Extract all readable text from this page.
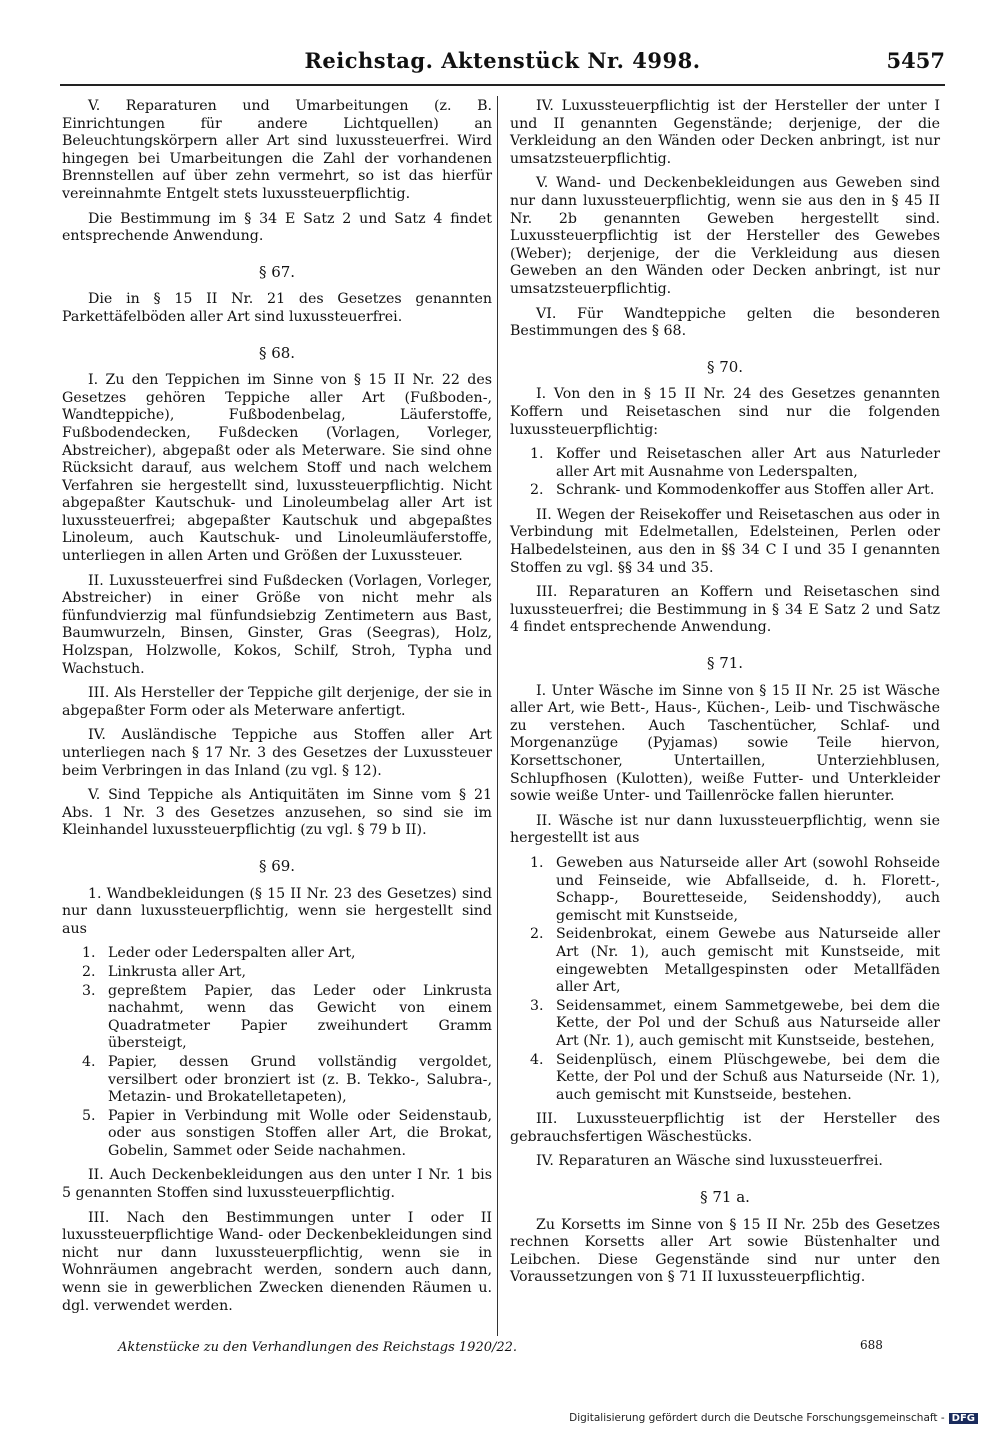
Reichstag. Aktenstück Nr. 4998.	5457

V. Reparaturen und Umarbeitungen (z. B. Einrichtungen für andere Lichtquellen) an Beleuchtungskörpern aller Art sind luxussteuerfrei. Wird hingegen bei Umarbeitungen die Zahl der vorhandenen Brennstellen auf über zehn vermehrt, so ist das hierfür vereinnahmte Entgelt stets luxussteuerpflichtig.

Die Bestimmung im § 34 E Satz 2 und Satz 4 findet entsprechende Anwendung.

§ 67.

Die in § 15 II Nr. 21 des Gesetzes genannten Parkettäfelböden aller Art sind luxussteuerfrei.

§ 68.

I. Zu den Teppichen im Sinne von § 15 II Nr. 22 des Gesetzes gehören Teppiche aller Art (Fußboden-, Wandteppiche), Fußbodenbelag, Läuferstoffe, Fußbodendecken, Fußdecken (Vorlagen, Vorleger, Abstreicher), abgepaßt oder als Meterware. Sie sind ohne Rücksicht darauf, aus welchem Stoff und nach welchem Verfahren sie hergestellt sind, luxussteuerpflichtig. Nicht abgepaßter Kautschuk- und Linoleumbelag aller Art ist luxussteuerfrei; abgepaßter Kautschuk und abgepaßtes Linoleum, auch Kautschuk- und Linoleumläuferstoffe, unterliegen in allen Arten und Größen der Luxussteuer.

II. Luxussteuerfrei sind Fußdecken (Vorlagen, Vorleger, Abstreicher) in einer Größe von nicht mehr als fünfundvierzig mal fünfundsiebzig Zentimetern aus Bast, Baumwurzeln, Binsen, Ginster, Gras (Seegras), Holz, Holzspan, Holzwolle, Kokos, Schilf, Stroh, Typha und Wachstuch.

III. Als Hersteller der Teppiche gilt derjenige, der sie in abgepaßter Form oder als Meterware anfertigt.

IV. Ausländische Teppiche aus Stoffen aller Art unterliegen nach § 17 Nr. 3 des Gesetzes der Luxussteuer beim Verbringen in das Inland (zu vgl. § 12).

V. Sind Teppiche als Antiquitäten im Sinne vom § 21 Abs. 1 Nr. 3 des Gesetzes anzusehen, so sind sie im Kleinhandel luxussteuerpflichtig (zu vgl. § 79 b II).

§ 69.

1. Wandbekleidungen (§ 15 II Nr. 23 des Gesetzes) sind nur dann luxussteuerpflichtig, wenn sie hergestellt sind aus

1. Leder oder Lederspalten aller Art,
2. Linkrusta aller Art,
3. gepreßtem Papier, das Leder oder Linkrusta nachahmt, wenn das Gewicht von einem Quadratmeter Papier zweihundert Gramm übersteigt,
4. Papier, dessen Grund vollständig vergoldet, versilbert oder bronziert ist (z. B. Tekko-, Salubra-, Metazin- und Brokatelletapeten),
5. Papier in Verbindung mit Wolle oder Seidenstaub, oder aus sonstigen Stoffen aller Art, die Brokat, Gobelin, Sammet oder Seide nachahmen.

II. Auch Deckenbekleidungen aus den unter I Nr. 1 bis 5 genannten Stoffen sind luxussteuerpflichtig.

III. Nach den Bestimmungen unter I oder II luxussteuerpflichtige Wand- oder Deckenbekleidungen sind nicht nur dann luxussteuerpflichtig, wenn sie in Wohnräumen angebracht werden, sondern auch dann, wenn sie in gewerblichen Zwecken dienenden Räumen u. dgl. verwendet werden.

IV. Luxussteuerpflichtig ist der Hersteller der unter I und II genannten Gegenstände; derjenige, der die Verkleidung an den Wänden oder Decken anbringt, ist nur umsatzsteuerpflichtig.

V. Wand- und Deckenbekleidungen aus Geweben sind nur dann luxussteuerpflichtig, wenn sie aus den in § 45 II Nr. 2b genannten Geweben hergestellt sind. Luxussteuerpflichtig ist der Hersteller des Gewebes (Weber); derjenige, der die Verkleidung aus diesen Geweben an den Wänden oder Decken anbringt, ist nur umsatzsteuerpflichtig.

VI. Für Wandteppiche gelten die besonderen Bestimmungen des § 68.

§ 70.

I. Von den in § 15 II Nr. 24 des Gesetzes genannten Koffern und Reisetaschen sind nur die folgenden luxussteuerpflichtig:

1. Koffer und Reisetaschen aller Art aus Naturleder aller Art mit Ausnahme von Lederspalten,
2. Schrank- und Kommodenkoffer aus Stoffen aller Art.

II. Wegen der Reisekoffer und Reisetaschen aus oder in Verbindung mit Edelmetallen, Edelsteinen, Perlen oder Halbedelsteinen, aus den in §§ 34 C I und 35 I genannten Stoffen zu vgl. §§ 34 und 35.

III. Reparaturen an Koffern und Reisetaschen sind luxussteuerfrei; die Bestimmung in § 34 E Satz 2 und Satz 4 findet entsprechende Anwendung.

§ 71.

I. Unter Wäsche im Sinne von § 15 II Nr. 25 ist Wäsche aller Art, wie Bett-, Haus-, Küchen-, Leib- und Tischwäsche zu verstehen. Auch Taschentücher, Schlaf- und Morgenanzüge (Pyjamas) sowie Teile hiervon, Korsettschoner, Untertaillen, Unterziehblusen, Schlupfhosen (Kulotten), weiße Futter- und Unterkleider sowie weiße Unter- und Taillenröcke fallen hierunter.

II. Wäsche ist nur dann luxussteuerpflichtig, wenn sie hergestellt ist aus

1. Geweben aus Naturseide aller Art (sowohl Rohseide und Feinseide, wie Abfallseide, d. h. Florett-, Schapp-, Bouretteseide, Seidenshoddy), auch gemischt mit Kunstseide,
2. Seidenbrokat, einem Gewebe aus Naturseide aller Art (Nr. 1), auch gemischt mit Kunstseide, mit eingewebten Metallgespinsten oder Metallfäden aller Art,
3. Seidensammet, einem Sammetgewebe, bei dem die Kette, der Pol und der Schuß aus Naturseide aller Art (Nr. 1), auch gemischt mit Kunstseide, bestehen,
4. Seidenplüsch, einem Plüschgewebe, bei dem die Kette, der Pol und der Schuß aus Naturseide (Nr. 1), auch gemischt mit Kunstseide, bestehen.

III. Luxussteuerpflichtig ist der Hersteller des gebrauchsfertigen Wäschestücks.

IV. Reparaturen an Wäsche sind luxussteuerfrei.

§ 71 a.

Zu Korsetts im Sinne von § 15 II Nr. 25b des Gesetzes rechnen Korsetts aller Art sowie Büstenhalter und Leibchen. Diese Gegenstände sind nur unter den Voraussetzungen von § 71 II luxussteuerpflichtig.

Aktenstücke zu den Verhandlungen des Reichstags 1920/22.	688
Digitalisierung gefördert durch die Deutsche Forschungsgemeinschaft - DFG
